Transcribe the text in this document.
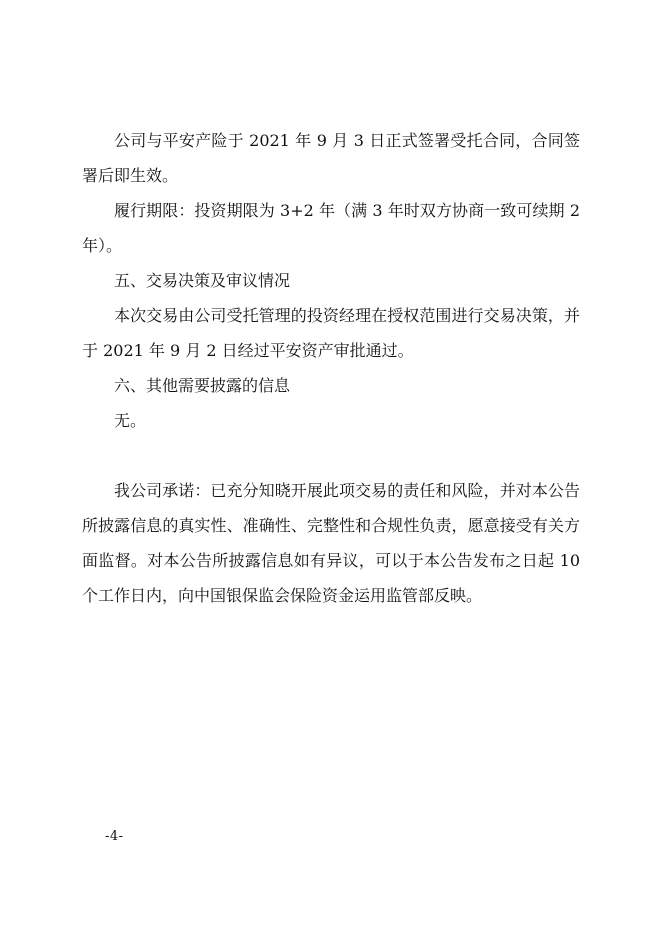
公司与平安产险于 2021 年 9 月 3 日正式签署受托合同，合同签署后即生效。

履行期限：投资期限为 3+2 年（满 3 年时双方协商一致可续期 2 年）。

五、交易决策及审议情况

本次交易由公司受托管理的投资经理在授权范围进行交易决策，并于 2021 年 9 月 2 日经过平安资产审批通过。

六、其他需要披露的信息

无。

我公司承诺：已充分知晓开展此项交易的责任和风险，并对本公告所披露信息的真实性、准确性、完整性和合规性负责，愿意接受有关方面监督。对本公告所披露信息如有异议，可以于本公告发布之日起 10 个工作日内，向中国银保监会保险资金运用监管部反映。

-4-
